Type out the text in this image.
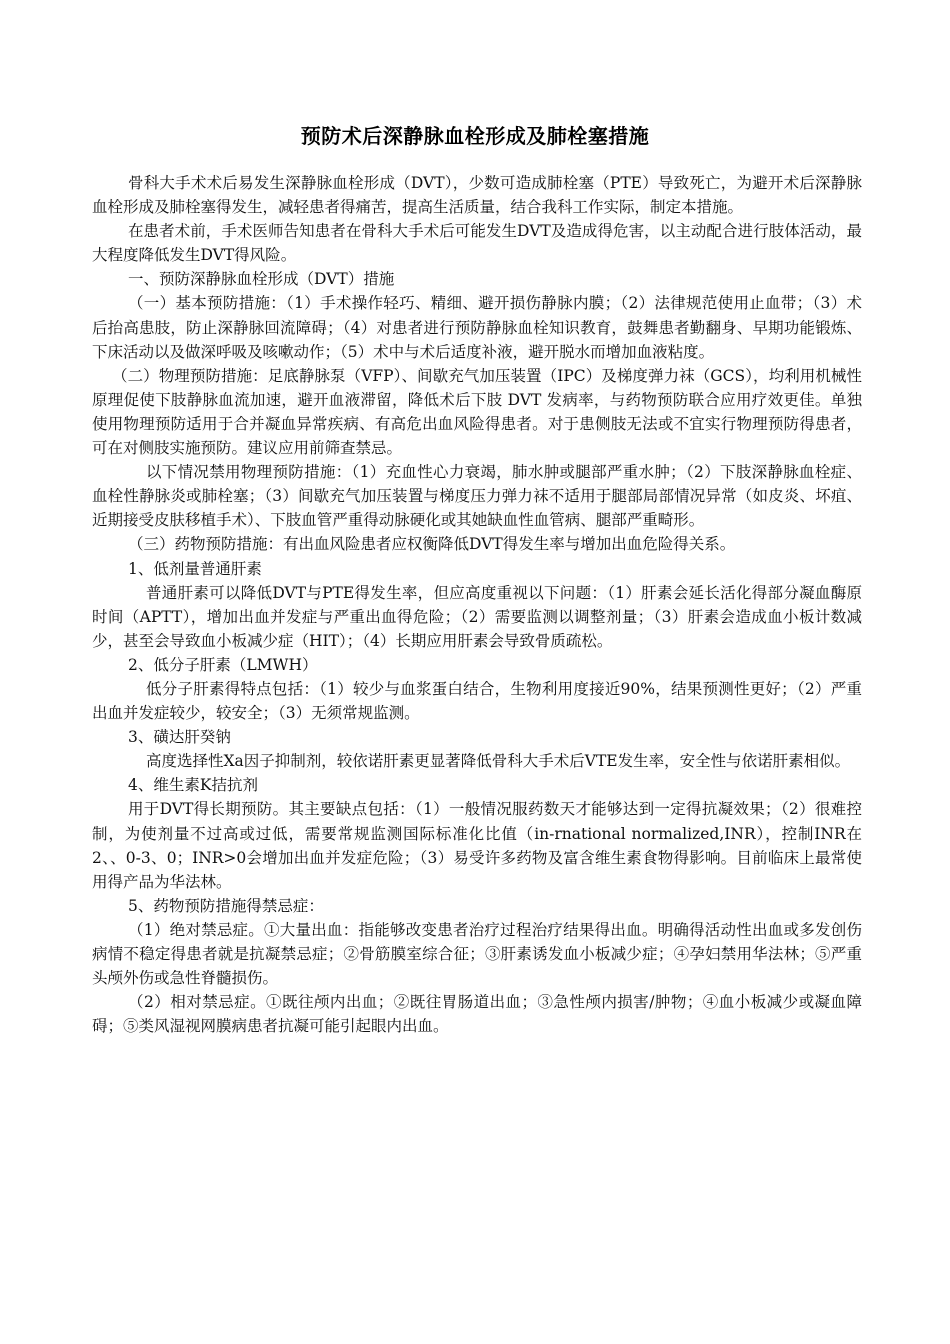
预防术后深静脉血栓形成及肺栓塞措施

骨科大手术术后易发生深静脉血栓形成（DVT），少数可造成肺栓塞（PTE）导致死亡，为避开术后深静脉血栓形成及肺栓塞得发生，减轻患者得痛苦，提高生活质量，结合我科工作实际，制定本措施。

在患者术前，手术医师告知患者在骨科大手术后可能发生DVT及造成得危害，以主动配合进行肢体活动，最大程度降低发生DVT得风险。

一、预防深静脉血栓形成（DVT）措施

（一）基本预防措施：（1）手术操作轻巧、精细、避开损伤静脉内膜；（2）法律规范使用止血带；（3）术后抬高患肢，防止深静脉回流障碍；（4）对患者进行预防静脉血栓知识教育，鼓舞患者勤翻身、早期功能锻炼、下床活动以及做深呼吸及咳嗽动作；（5）术中与术后适度补液，避开脱水而增加血液粘度。

（二）物理预防措施：足底静脉泵（VFP）、间歇充气加压装置（IPC）及梯度弹力袜（GCS），均利用机械性原理促使下肢静脉血流加速，避开血液滞留，降低术后下肢 DVT 发病率，与药物预防联合应用疗效更佳。单独使用物理预防适用于合并凝血异常疾病、有高危出血风险得患者。对于患侧肢无法或不宜实行物理预防得患者，可在对侧肢实施预防。建议应用前筛查禁忌。

以下情况禁用物理预防措施：（1）充血性心力衰竭，肺水肿或腿部严重水肿；（2）下肢深静脉血栓症、血栓性静脉炎或肺栓塞；（3）间歇充气加压装置与梯度压力弹力袜不适用于腿部局部情况异常（如皮炎、坏疽、近期接受皮肤移植手术）、下肢血管严重得动脉硬化或其她缺血性血管病、腿部严重畸形。

（三）药物预防措施：有出血风险患者应权衡降低DVT得发生率与增加出血危险得关系。

1、低剂量普通肝素

普通肝素可以降低DVT与PTE得发生率，但应高度重视以下问题：（1）肝素会延长活化得部分凝血酶原时间（APTT），增加出血并发症与严重出血得危险；（2）需要监测以调整剂量；（3）肝素会造成血小板计数减少，甚至会导致血小板减少症（HIT）；（4）长期应用肝素会导致骨质疏松。

2、低分子肝素（LMWH）

低分子肝素得特点包括：（1）较少与血浆蛋白结合，生物利用度接近90%，结果预测性更好；（2）严重出血并发症较少，较安全；（3）无须常规监测。

3、磺达肝癸钠

高度选择性Xa因子抑制剂，较依诺肝素更显著降低骨科大手术后VTE发生率，安全性与依诺肝素相似。

4、维生素K拮抗剂

用于DVT得长期预防。其主要缺点包括：（1）一般情况服药数天才能够达到一定得抗凝效果；（2）很难控制，为使剂量不过高或过低，需要常规监测国际标准化比值（in-rnational normalized,INR），控制INR在2、、0-3、0；INR>0会增加出血并发症危险；（3）易受许多药物及富含维生素食物得影响。目前临床上最常使用得产品为华法林。

5、药物预防措施得禁忌症：

（1）绝对禁忌症。①大量出血：指能够改变患者治疗过程治疗结果得出血。明确得活动性出血或多发创伤病情不稳定得患者就是抗凝禁忌症；②骨筋膜室综合征；③肝素诱发血小板减少症；④孕妇禁用华法林；⑤严重头颅外伤或急性脊髓损伤。

（2）相对禁忌症。①既往颅内出血；②既往胃肠道出血；③急性颅内损害/肿物；④血小板减少或凝血障碍；⑤类风湿视网膜病患者抗凝可能引起眼内出血。
